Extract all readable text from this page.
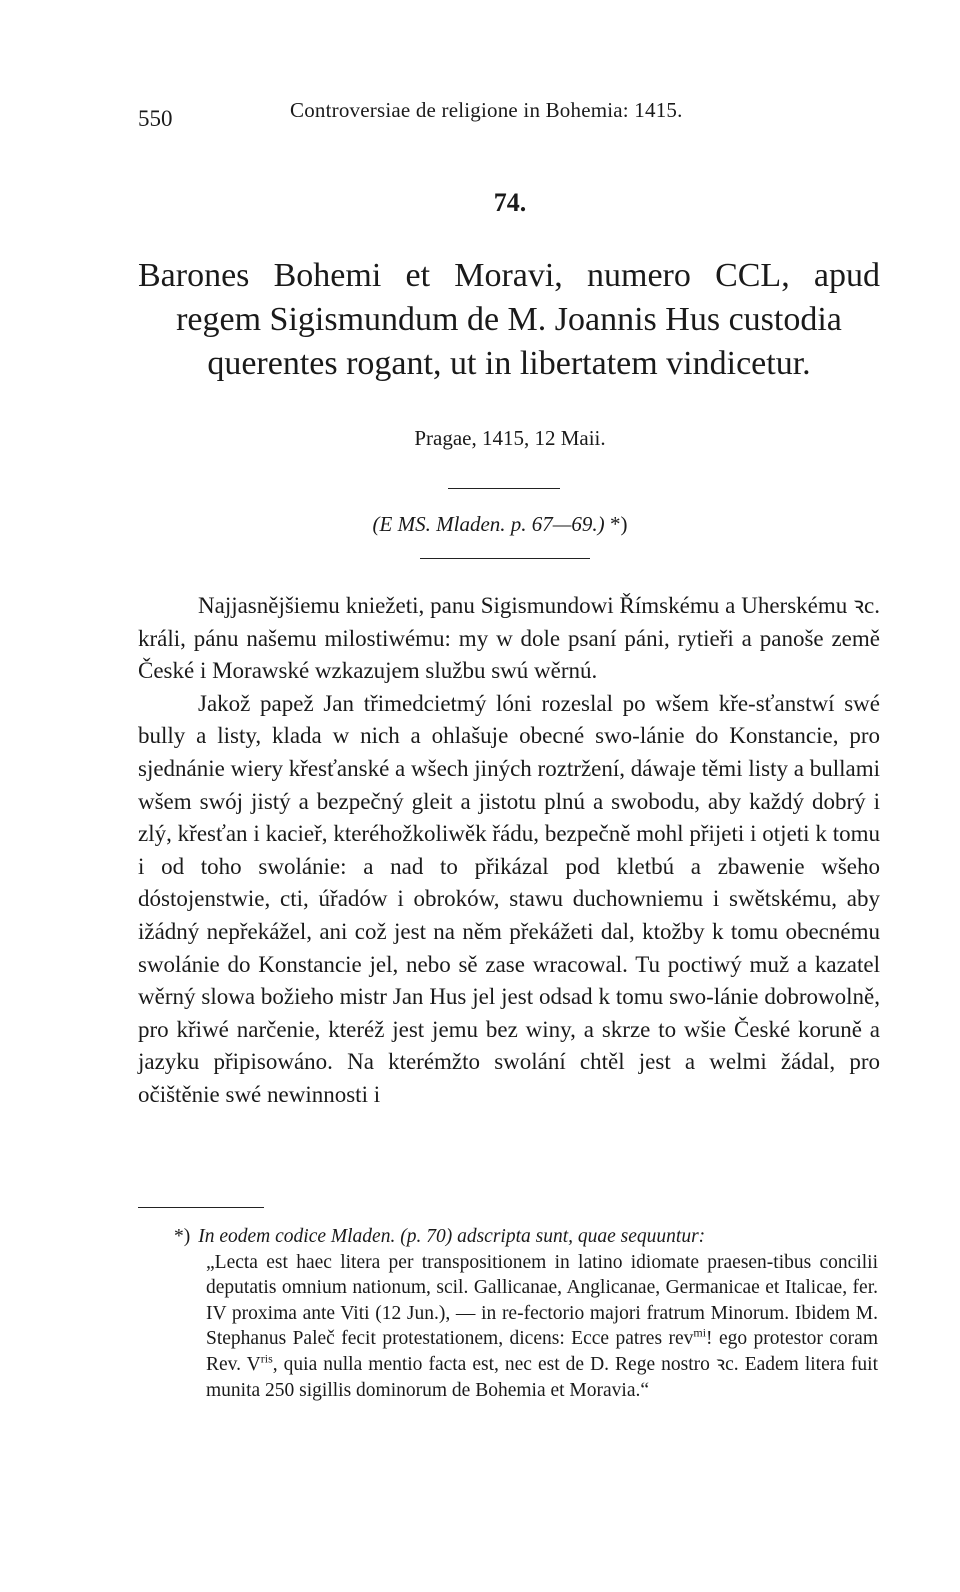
550	Controversiae de religione in Bohemia: 1415.
74.
Barones Bohemi et Moravi, numero CCL, apud
regem Sigismundum de M. Joannis Hus custodia
querentes rogant, ut in libertatem vindicetur.
Pragae, 1415, 12 Maii.
(E MS. Mladen. p. 67—69.) *)

Najjasnějšiemu kniežeti, panu Sigismundowi Římskému a Uherskému ꝛc. králi, pánu našemu milostiwému: my w dole psaní páni, rytieři a panoše země České i Morawské wzkazujem službu swú wěrnú.

Jakož papež Jan třimedcietmý lóni rozeslal po wšem kře-sťanstwí swé bully a listy, klada w nich a ohlašuje obecné swo-lánie do Konstancie, pro sjednánie wiery křesťanské a wšech jiných roztržení, dáwaje těmi listy a bullami wšem swój jistý a bezpečný gleit a jistotu plnú a swobodu, aby každý dobrý i zlý, křesťan i kacieř, kteréhožkoliwěk řádu, bezpečně mohl přijeti i otjeti k tomu i od toho swolánie: a nad to přikázal pod kletbú a zbawenie wšeho dóstojenstwie, cti, úřadów i obroków, stawu duchowniemu i swětskému, aby ižádný nepřekážel, ani což jest na něm překážeti dal, ktožby k tomu obecnému swolánie do Konstancie jel, nebo sě zase wracowal. Tu poctiwý muž a kazatel wěrný slowa božieho mistr Jan Hus jel jest odsad k tomu swo-lánie dobrowolně, pro křiwé narčenie, kteréž jest jemu bez winy, a skrze to wšie České koruně a jazyku připisowáno. Na kterémžto swolání chtěl jest a welmi žádal, pro očištěnie swé newinnosti i

*) In eodem codice Mladen. (p. 70) adscripta sunt, quae sequuntur:
„Lecta est haec litera per transpositionem in latino idiomate praesen-tibus concilii deputatis omnium nationum, scil. Gallicanae, Anglicanae, Germanicae et Italicae, fer. IV proxima ante Viti (12 Jun.), — in re-fectorio majori fratrum Minorum. Ibidem M. Stephanus Paleč fecit protestationem, dicens: Ecce patres rev$^{mi}$! ego protestor coram Rev. $V^{ris}$, quia nulla mentio facta est, nec est de D. Rege nostro ꝛc. Eadem litera fuit munita 250 sigillis dominorum de Bohemia et Moravia.“
